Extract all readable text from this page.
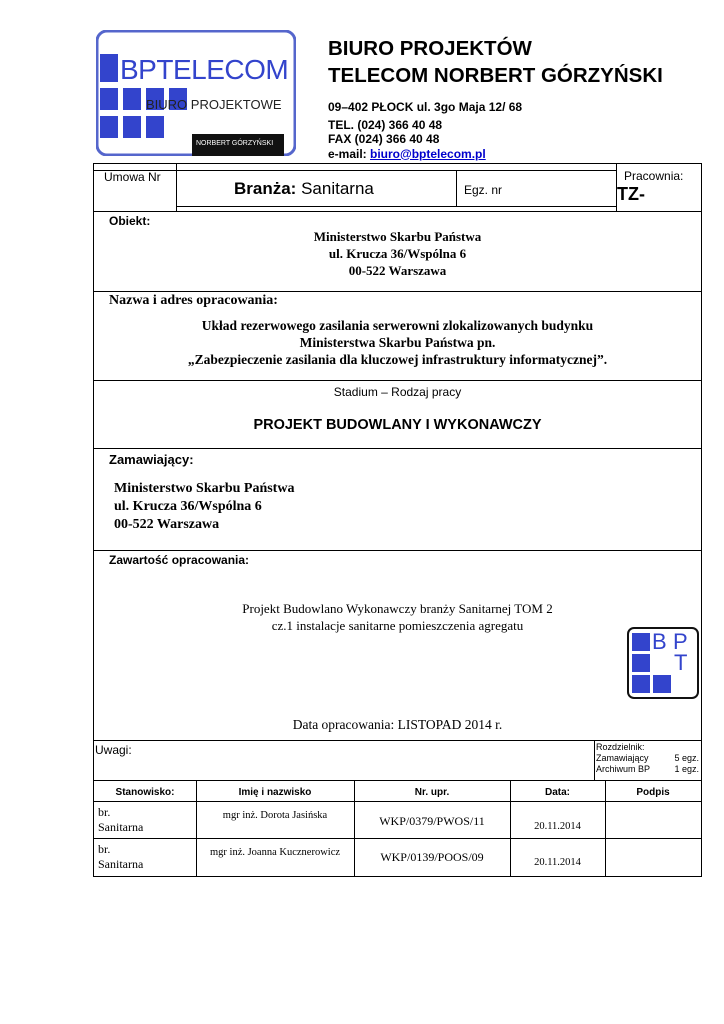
BPTELECOM
BIURO PROJEKTOWE
NORBERT GÓRZYŃSKI
BIURO PROJEKTÓW
TELECOM NORBERT GÓRZYŃSKI
09–402 PŁOCK ul. 3go Maja 12/ 68
TEL. (024) 366 40 48
FAX (024) 366 40 48
e-mail: biuro@bptelecom.pl
Umowa Nr
Branża: Sanitarna	Egz. nr
Pracownia:
TZ-
Obiekt:
Ministerstwo Skarbu Państwa
ul. Krucza 36/Wspólna 6
00-522 Warszawa
Nazwa i adres opracowania:
Układ rezerwowego zasilania serwerowni zlokalizowanych budynku
Ministerstwa Skarbu Państwa pn.
„Zabezpieczenie zasilania dla kluczowej infrastruktury informatycznej”.
Stadium – Rodzaj pracy
PROJEKT BUDOWLANY I WYKONAWCZY
Zamawiający:
Ministerstwo Skarbu Państwa
ul. Krucza 36/Wspólna 6
00-522 Warszawa
Zawartość opracowania:
Projekt Budowlano Wykonawczy branży Sanitarnej TOM 2
cz.1 instalacje sanitarne pomieszczenia agregatu
B P
T
Data opracowania: LISTOPAD 2014 r.
Uwagi:	Rozdzielnik:
Zamawiający	5 egz.
Archiwum BP	1 egz.
Stanowisko:	Imię i nazwisko	Nr. upr.	Data:	Podpis
br.
Sanitarna
mgr inż. Dorota Jasińska	WKP/0379/PWOS/11	20.11.2014
br.
Sanitarna
mgr inż. Joanna Kucznerowicz	WKP/0139/POOS/09	20.11.2014
